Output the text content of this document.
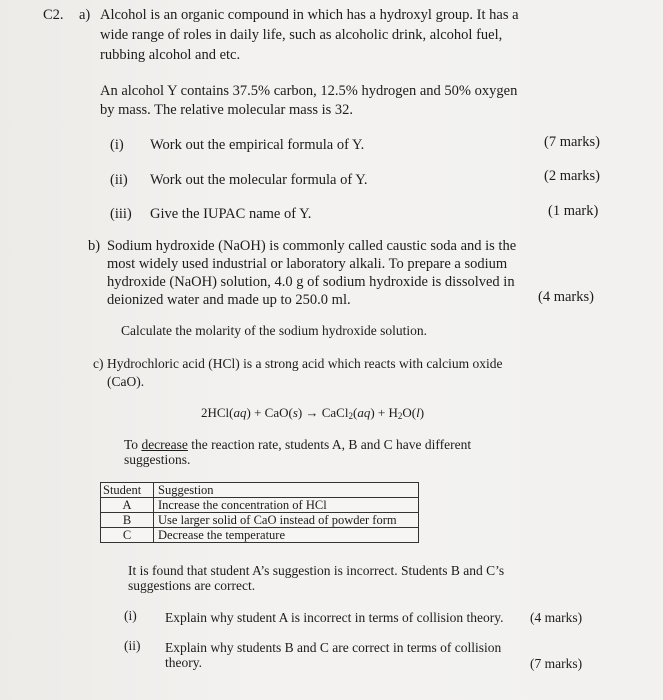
C2. a) Alcohol is an organic compound in which has a hydroxyl group. It has a
wide range of roles in daily life, such as alcoholic drink, alcohol fuel,
rubbing alcohol and etc.
An alcohol Y contains 37.5% carbon, 12.5% hydrogen and 50% oxygen
by mass. The relative molecular mass is 32.
(i) Work out the empirical formula of Y.	(7 marks)
(ii) Work out the molecular formula of Y.	(2 marks)
(iii) Give the IUPAC name of Y.	(1 mark)
b) Sodium hydroxide (NaOH) is commonly called caustic soda and is the
most widely used industrial or laboratory alkali. To prepare a sodium
hydroxide (NaOH) solution, 4.0 g of sodium hydroxide is dissolved in
deionized water and made up to 250.0 ml.	(4 marks)
Calculate the molarity of the sodium hydroxide solution.
c) Hydrochloric acid (HCl) is a strong acid which reacts with calcium oxide
(CaO).
2HCl(aq) + CaO(s) → CaCl$_2$(aq) + $H_2O(l)$
To decrease the reaction rate, students A, B and C have different
suggestions.
Student	Suggestion
A	Increase the concentration of HCl
B	Use larger solid of CaO instead of powder form
C	Decrease the temperature
It is found that student A’s suggestion is incorrect. Students B and C’s
suggestions are correct.
(i) Explain why student A is incorrect in terms of collision theory. (4 marks)
(ii) Explain why students B and C are correct in terms of collision
theory.	(7 marks)
